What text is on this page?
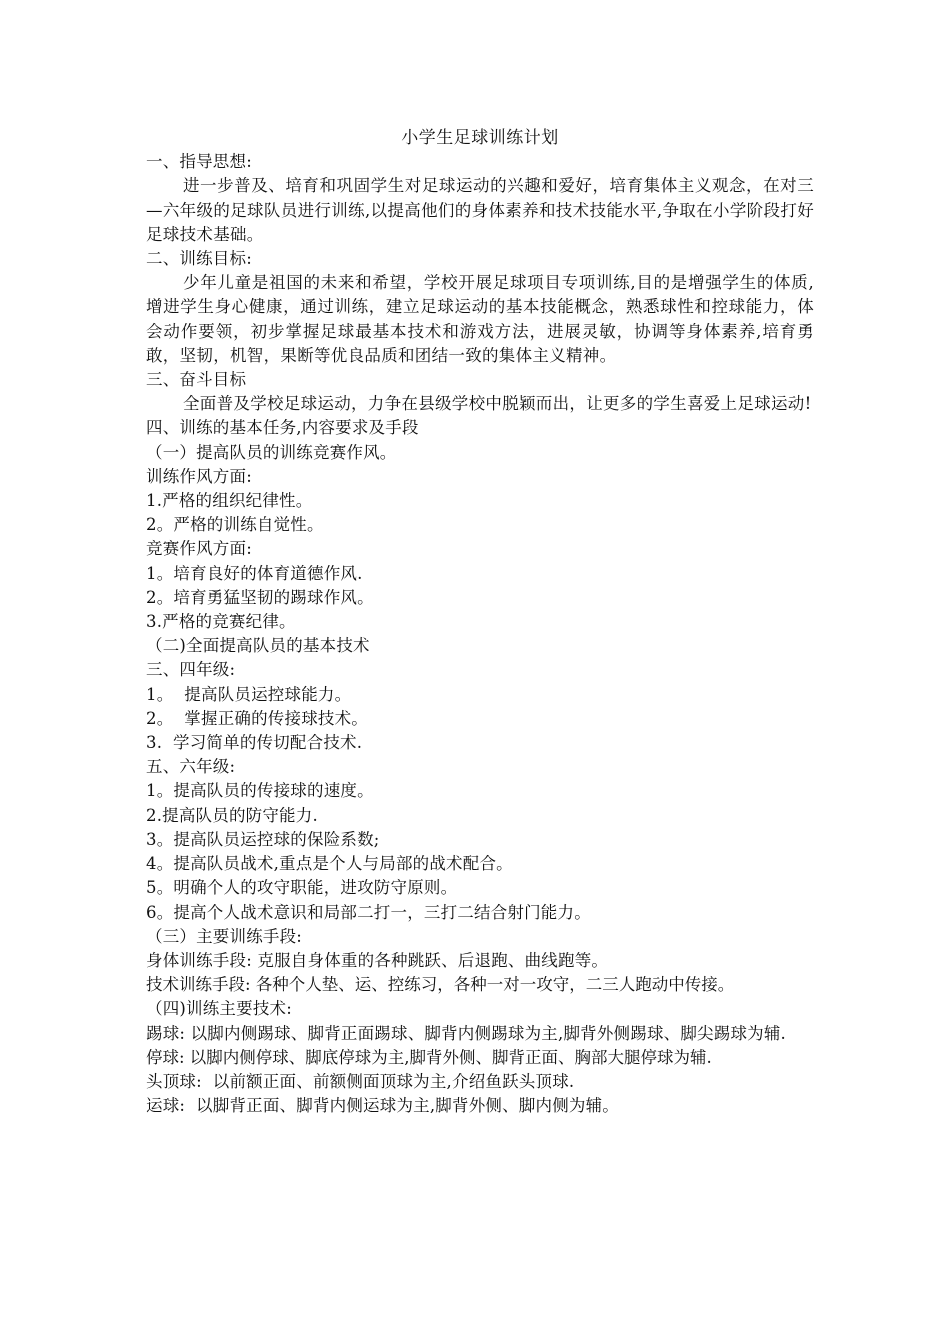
小学生足球训练计划

一、指导思想:

进一步普及、培育和巩固学生对足球运动的兴趣和爱好，培育集体主义观念，在对三—六年级的足球队员进行训练,以提高他们的身体素养和技术技能水平,争取在小学阶段打好足球技术基础。

二、训练目标:

少年儿童是祖国的未来和希望，学校开展足球项目专项训练,目的是增强学生的体质,增进学生身心健康，通过训练，建立足球运动的基本技能概念，熟悉球性和控球能力，体会动作要领，初步掌握足球最基本技术和游戏方法，进展灵敏，协调等身体素养,培育勇敢，坚韧，机智，果断等优良品质和团结一致的集体主义精神。

三、奋斗目标

全面普及学校足球运动，力争在县级学校中脱颖而出，让更多的学生喜爱上足球运动!

四、训练的基本任务,内容要求及手段

（一）提高队员的训练竞赛作风。

训练作风方面:

1.严格的组织纪律性。

2。严格的训练自觉性。

竞赛作风方面:

1。培育良好的体育道德作风.

2。培育勇猛坚韧的踢球作风。

3.严格的竞赛纪律。

（二)全面提高队员的基本技术

三、四年级:

1。  提高队员运控球能力。

2。  掌握正确的传接球技术。

3.  学习简单的传切配合技术.

五、六年级:

1。提高队员的传接球的速度。

2.提高队员的防守能力.

3。提高队员运控球的保险系数;

4。提高队员战术,重点是个人与局部的战术配合。

5。明确个人的攻守职能，进攻防守原则。

6。提高个人战术意识和局部二打一，三打二结合射门能力。

（三）主要训练手段:

身体训练手段: 克服自身体重的各种跳跃、后退跑、曲线跑等。

技术训练手段: 各种个人垫、运、控练习，各种一对一攻守，二三人跑动中传接。

（四)训练主要技术:

踢球: 以脚内侧踢球、脚背正面踢球、脚背内侧踢球为主,脚背外侧踢球、脚尖踢球为辅.

停球: 以脚内侧停球、脚底停球为主,脚背外侧、脚背正面、胸部大腿停球为辅.

头顶球:  以前额正面、前额侧面顶球为主,介绍鱼跃头顶球.

运球:  以脚背正面、脚背内侧运球为主,脚背外侧、脚内侧为辅。
